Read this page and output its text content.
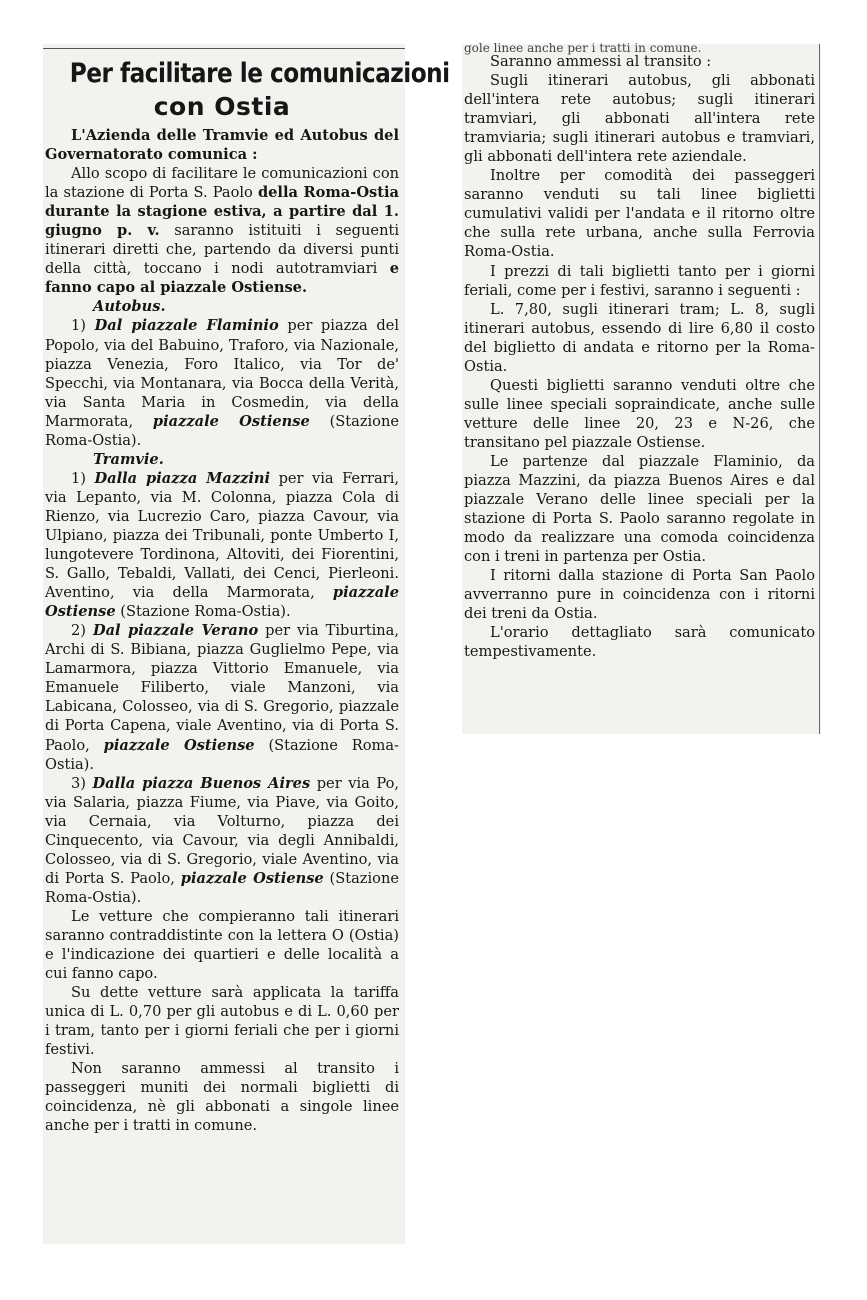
Per facilitare le comunicazioni
con Ostia

L'Azienda delle Tramvie ed Autobus del Governatorato comunica :

Allo scopo di facilitare le comunicazioni con la stazione di Porta S. Paolo della Roma-Ostia durante la stagione estiva, a partire dal 1. giugno p. v. saranno istituiti i seguenti itinerari diretti che, partendo da diversi punti della città, toccano i nodi autotramviari e fanno capo al piazzale Ostiense.

Autobus.

1) Dal piazzale Flaminio per piazza del Popolo, via del Babuino, Traforo, via Nazionale, piazza Venezia, Foro Italico, via Tor de' Specchi, via Montanara, via Bocca della Verità, via Santa Maria in Cosmedin, via della Marmorata, piazzale Ostiense (Stazione Roma-Ostia).

Tramvie.

1) Dalla piazza Mazzini per via Ferrari, via Lepanto, via M. Colonna, piazza Cola di Rienzo, via Lucrezio Caro, piazza Cavour, via Ulpiano, piazza dei Tribunali, ponte Umberto I, lungotevere Tordinona, Altoviti, dei Fiorentini, S. Gallo, Tebaldi, Vallati, dei Cenci, Pierleoni. Aventino, via della Marmorata, piazzale Ostiense (Stazione Roma-Ostia).

2) Dal piazzale Verano per via Tiburtina, Archi di S. Bibiana, piazza Guglielmo Pepe, via Lamarmora, piazza Vittorio Emanuele, via Emanuele Filiberto, viale Manzoni, via Labicana, Colosseo, via di S. Gregorio, piazzale di Porta Capena, viale Aventino, via di Porta S. Paolo, piazzale Ostiense (Stazione Roma-Ostia).

3) Dalla piazza Buenos Aires per via Po, via Salaria, piazza Fiume, via Piave, via Goito, via Cernaia, via Volturno, piazza dei Cinquecento, via Cavour, via degli Annibaldi, Colosseo, via di S. Gregorio, viale Aventino, via di Porta S. Paolo, piazzale Ostiense (Stazione Roma-Ostia).

Le vetture che compieranno tali itinerari saranno contraddistinte con la lettera O (Ostia) e l'indicazione dei quartieri e delle località a cui fanno capo.

Su dette vetture sarà applicata la tariffa unica di L. 0,70 per gli autobus e di L. 0,60 per i tram, tanto per i giorni feriali che per i giorni festivi.

Non saranno ammessi al transito i passeggeri muniti dei normali biglietti di coincidenza, nè gli abbonati a singole linee anche per i tratti in comune.

gole linee anche per i tratti in comune.

Saranno ammessi al transito :

Sugli itinerari autobus, gli abbonati dell'intera rete autobus; sugli itinerari tramviari, gli abbonati all'intera rete tramviaria; sugli itinerari autobus e tramviari, gli abbonati dell'intera rete aziendale.

Inoltre per comodità dei passeggeri saranno venduti su tali linee biglietti cumulativi validi per l'andata e il ritorno oltre che sulla rete urbana, anche sulla Ferrovia Roma-Ostia.

I prezzi di tali biglietti tanto per i giorni feriali, come per i festivi, saranno i seguenti :

L. 7,80, sugli itinerari tram; L. 8, sugli itinerari autobus, essendo di lire 6,80 il costo del biglietto di andata e ritorno per la Roma-Ostia.

Questi biglietti saranno venduti oltre che sulle linee speciali sopraindicate, anche sulle vetture delle linee 20, 23 e N-26, che transitano pel piazzale Ostiense.

Le partenze dal piazzale Flaminio, da piazza Mazzini, da piazza Buenos Aires e dal piazzale Verano delle linee speciali per la stazione di Porta S. Paolo saranno regolate in modo da realizzare una comoda coincidenza con i treni in partenza per Ostia.

I ritorni dalla stazione di Porta San Paolo avverranno pure in coincidenza con i ritorni dei treni da Ostia.

L'orario dettagliato sarà comunicato tempestivamente.
